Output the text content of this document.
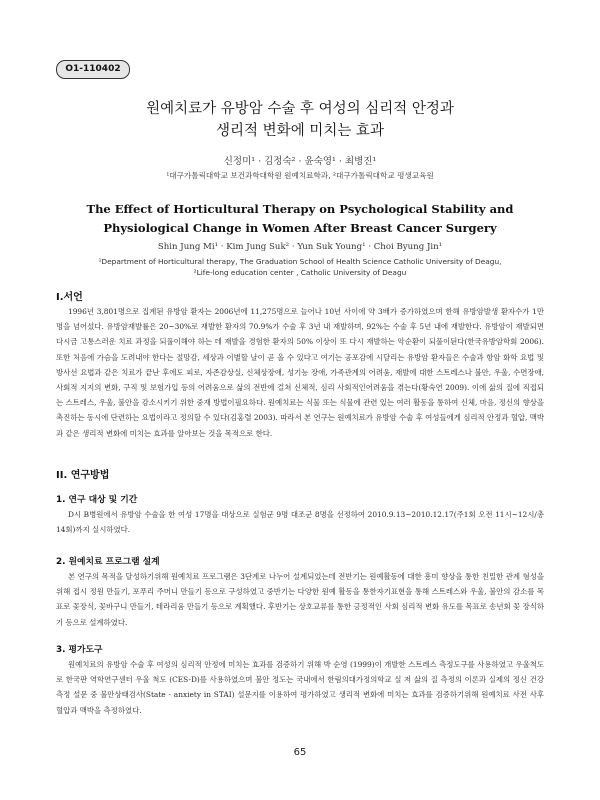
O1-110402
원예치료가 유방암 수술 후 여성의 심리적 안정과
생리적 변화에 미치는 효과
신정미¹ · 김정숙² · 윤숙영¹ · 최병진¹
¹대구가톨릭대학교 보건과학대학원 원예치료학과, ²대구가톨릭대학교 평생교육원
The Effect of Horticultural Therapy on Psychological Stability and
Physiological Change in Women After Breast Cancer Surgery
Shin Jung Mi¹ · Kim Jung Suk² · Yun Suk Young¹ · Choi Byung Jin¹
¹Department of Horticultural therapy, The Graduation School of Health Science Catholic University of Deagu,
²Life-long education center , Catholic University of Deagu
I.서언

1996년 3,801명으로 집계된 유방암 환자는 2006년에 11,275명으로 늘어나 10년 사이에 약 3배가 증가하였으며 한해 유방암발생 환자수가 1만 명을 넘어섰다. 유방암재발률은 20~30%로 재발한 환자의 70.9%가 수술 후 3년 내 재발하며, 92%는 수술 후 5년 내에 재발한다. 유방암이 재발되면 다시금 고통스러운 치료 과정을 되풀이해야 하는 데 재발을 경험한 환자의 50% 이상이 또 다시 재발하는 악순환이 되풀이된다(한국유방암학회 2006). 또한 처음에 가슴을 도려내야 한다는 절망감, 세상과 이별할 날이 곧 올 수 있다고 여기는 공포감에 시달리는 유방암 환자들은 수술과 항암 화학 요법 및 방사선 요법과 같은 치료가 끝난 후에도 피로, 자존감상실, 신체상장애, 성기능 장애, 가족관계의 어려움, 재발에 대한 스트레스나 불안, 우울, 수면장애, 사회적 지지의 변화, 구직 및 보험가입 등의 어려움으로 삶의 전반에 걸쳐 신체적, 심리 사회적인어려움을 겪는다(황숙연 2009). 이에 삶의 질에 직접되는 스트레스, 우울, 불안을 감소시키기 위한 중재 방법이필요하다. 원예치료는 식물 또는 식물에 관련 있는 여러 활동을 통하여 신체, 마음, 정신의 향상을 촉진하는 동시에 단련하는 요법이라고 정의할 수 있다(김홍렬 2003). 따라서 본 연구는 원예치료가 유방암 수술 후 여성들에게 심리적 안정과 혈압, 맥박과 같은 생리적 변화에 미치는 효과를 알아보는 것을 목적으로 한다.

II. 연구방법
1. 연구 대상 및 기간

D시 B병원에서 유방암 수술을 한 여성 17명을 대상으로 실험군 9명 대조군 8명을 선정하여 2010.9.13~2010.12.17(주1회 오전 11시~12시/총14회)까지 실시하였다.

2. 원예치료 프로그램 설계

본 연구의 목적을 달성하기위해 원예치료 프로그램은 3단계로 나누어 설계되었는데 전반기는 원예활동에 대한 흥미 향상을 통한 친밀한 관계 형성을 위해 접시 정원 만들기, 포푸리 주머니 만들기 등으로 구성하였고 중반기는 다양한 원예 활동을 통한자기표현을 통해 스트레스와 우울, 불안의 감소를 목표로 꽃장식, 꽃바구니 만들기, 테라리움 만들기 등으로 계획했다. 후반기는 상호교류를 통한 긍정적인 사회 심리적 변화 유도를 목표로 송년회 꽃 장식하기 등으로 설계하였다.

3. 평가도구

원예치료의 유방암 수술 후 여성의 심리적 안정에 미치는 효과를 검증하기 위해 박 순영 (1999)이 개발한 스트레스 측정도구를 사용하였고 우울척도로 한국판 역학연구센터 우울 척도 (CES-D)를 사용하였으며 불안 정도는 국내에서 한림의대가정의학교 실 저 삶의 질 측정의 이론과 실제의 정신 건강 측정 설문 중 불안상태검사(State - anxiety in STAI) 설문지를 이용하여 평가하였고 생리적 변화에 미치는 효과를 검증하기위해 원예치료 사전 사후 혈압과 맥박을 측정하였다.

65
